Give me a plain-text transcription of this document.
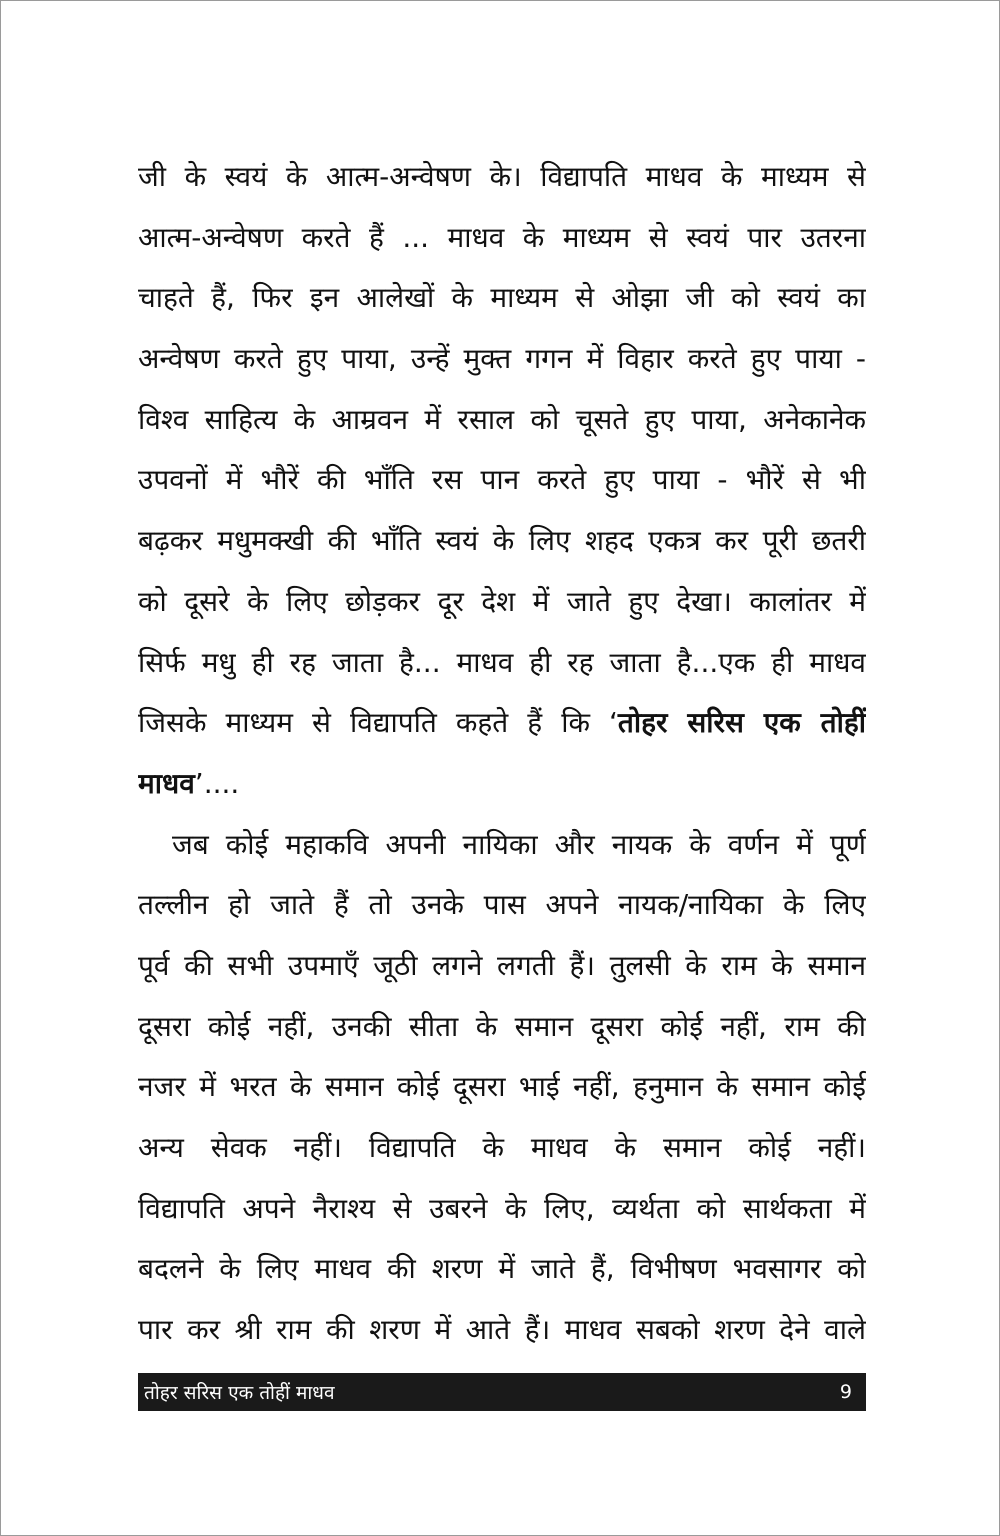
जी के स्वयं के आत्म-अन्वेषण के। विद्यापति माधव के माध्यम से
आत्म-अन्वेषण करते हैं ... माधव के माध्यम से स्वयं पार उतरना
चाहते हैं, फिर इन आलेखों के माध्यम से ओझा जी को स्वयं का
अन्वेषण करते हुए पाया, उन्हें मुक्त गगन में विहार करते हुए पाया -
विश्व साहित्य के आम्रवन में रसाल को चूसते हुए पाया, अनेकानेक
उपवनों में भौरें की भाँति रस पान करते हुए पाया - भौरें से भी
बढ़कर मधुमक्खी की भाँति स्वयं के लिए शहद एकत्र कर पूरी छतरी
को दूसरे के लिए छोड़कर दूर देश में जाते हुए देखा। कालांतर में
सिर्फ मधु ही रह जाता है... माधव ही रह जाता है...एक ही माधव
जिसके माध्यम से विद्यापति कहते हैं कि ‘तोहर सरिस एक तोहीं
माधव’....
जब कोई महाकवि अपनी नायिका और नायक के वर्णन में पूर्ण
तल्लीन हो जाते हैं तो उनके पास अपने नायक/नायिका के लिए
पूर्व की सभी उपमाएँ जूठी लगने लगती हैं। तुलसी के राम के समान
दूसरा कोई नहीं, उनकी सीता के समान दूसरा कोई नहीं, राम की
नजर में भरत के समान कोई दूसरा भाई नहीं, हनुमान के समान कोई
अन्य सेवक नहीं। विद्यापति के माधव के समान कोई नहीं।
विद्यापति अपने नैराश्य से उबरने के लिए, व्यर्थता को सार्थकता में
बदलने के लिए माधव की शरण में जाते हैं, विभीषण भवसागर को
पार कर श्री राम की शरण में आते हैं। माधव सबको शरण देने वाले
तोहर सरिस एक तोहीं माधव	9
